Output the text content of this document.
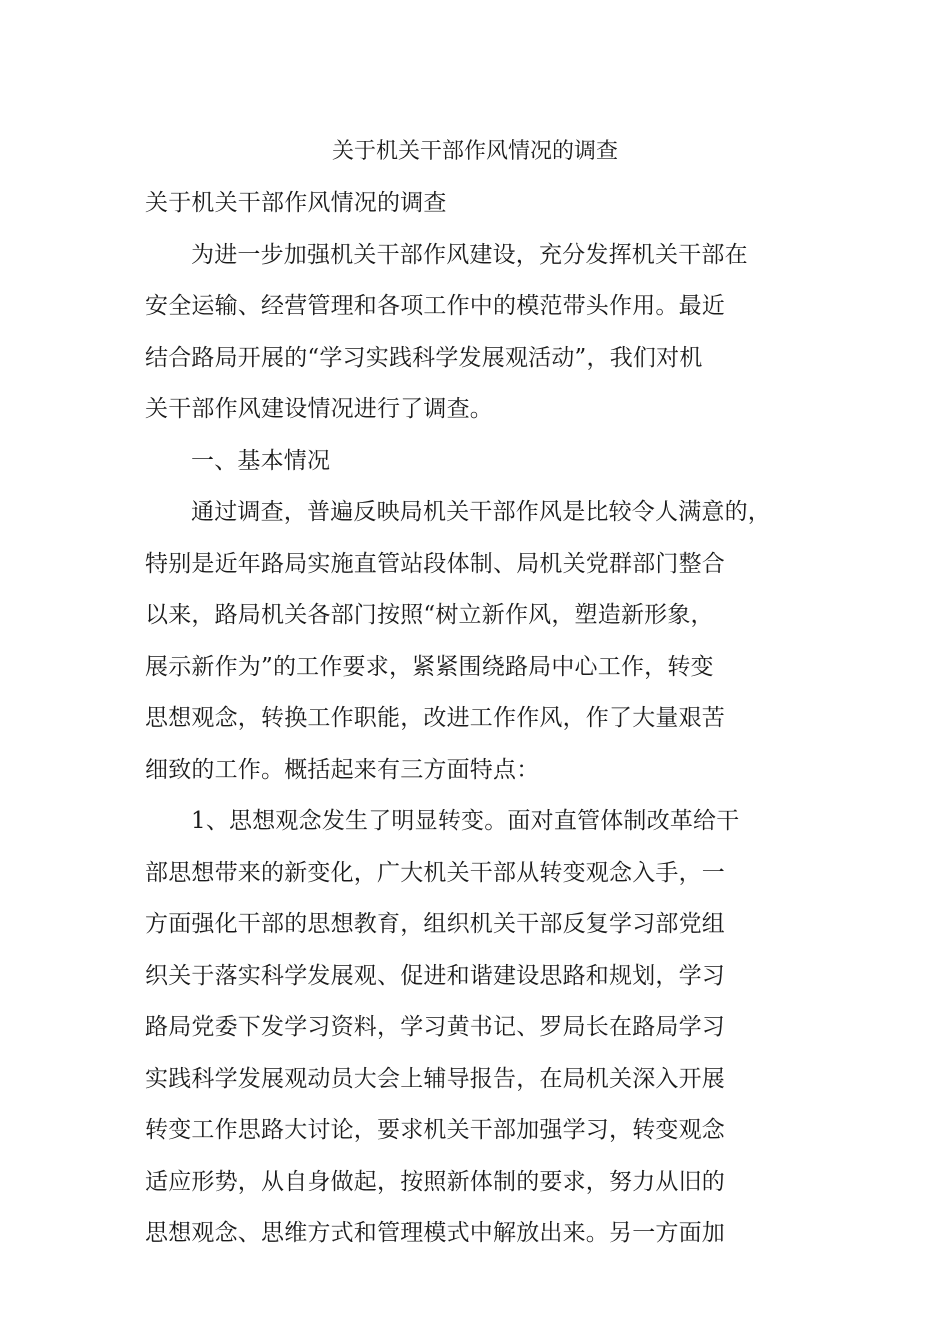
关于机关干部作风情况的调查
关于机关干部作风情况的调查
为进一步加强机关干部作风建设，充分发挥机关干部在
安全运输、经营管理和各项工作中的模范带头作用。最近
结合路局开展的“学习实践科学发展观活动”，我们对机
关干部作风建设情况进行了调查。
一、基本情况
通过调查，普遍反映局机关干部作风是比较令人满意的，
特别是近年路局实施直管站段体制、局机关党群部门整合
以来，路局机关各部门按照“树立新作风，塑造新形象，
展示新作为”的工作要求，紧紧围绕路局中心工作，转变
思想观念，转换工作职能，改进工作作风，作了大量艰苦
细致的工作。概括起来有三方面特点：
1、思想观念发生了明显转变。面对直管体制改革给干
部思想带来的新变化，广大机关干部从转变观念入手，一
方面强化干部的思想教育，组织机关干部反复学习部党组
织关于落实科学发展观、促进和谐建设思路和规划，学习
路局党委下发学习资料，学习黄书记、罗局长在路局学习
实践科学发展观动员大会上辅导报告，在局机关深入开展
转变工作思路大讨论，要求机关干部加强学习，转变观念
适应形势，从自身做起，按照新体制的要求，努力从旧的
思想观念、思维方式和管理模式中解放出来。另一方面加
